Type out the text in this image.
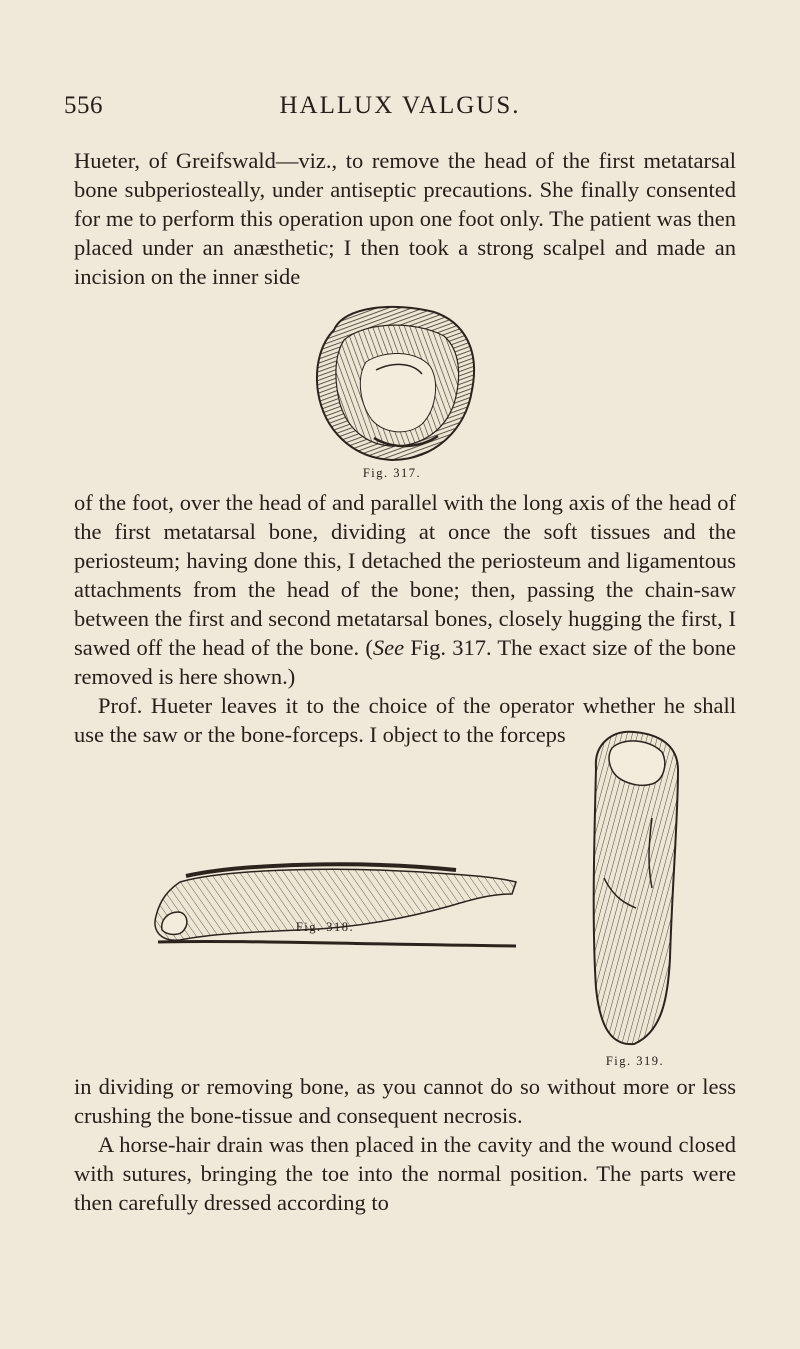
556	HALLUX VALGUS.

Hueter, of Greifswald—viz., to remove the head of the first metatarsal bone subperiosteally, under antiseptic precautions. She finally consented for me to perform this operation upon one foot only. The patient was then placed under an anæsthetic; I then took a strong scalpel and made an incision on the inner side

Fig. 317.

of the foot, over the head of and parallel with the long axis of the head of the first metatarsal bone, dividing at once the soft tissues and the periosteum; having done this, I detached the periosteum and ligamentous attachments from the head of the bone; then, passing the chain-saw between the first and second metatarsal bones, closely hugging the first, I sawed off the head of the bone. (See Fig. 317. The exact size of the bone removed is here shown.)

Prof. Hueter leaves it to the choice of the operator whether he shall use the saw or the bone-forceps. I object to the forceps

Fig. 318.
Fig. 319.

in dividing or removing bone, as you cannot do so without more or less crushing the bone-tissue and consequent necrosis.

A horse-hair drain was then placed in the cavity and the wound closed with sutures, bringing the toe into the normal position. The parts were then carefully dressed according to
